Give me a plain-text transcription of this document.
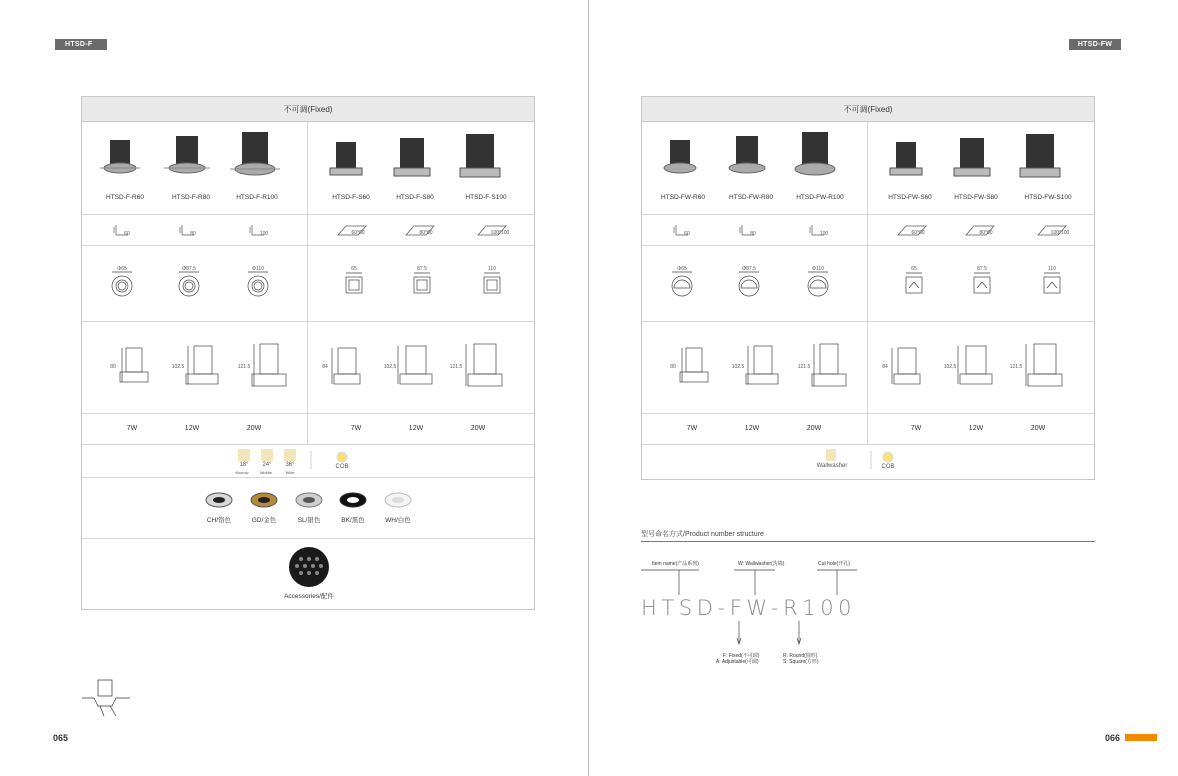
HTSD-F
不可调(Fixed)
HTSD-F-R60	HTSD-F-R80	HTSD-F-R100	HTSD-F-S60	HTSD-F-S80	HTSD-F-S100
60	80	100	60*60	80*80	100*100
Φ65	Φ87.5	Φ110	65	87.5	110
80	102.5	121.5	84	102.5	121.5
7W	12W	20W	7W	12W	20W
18°	24°	36°
Narrow	Middle	Wide
COB
CH/铬色	GD/金色	SL/银色	BK/黑色	WH/白色
Accessories/配件
065
HTSD-FW
不可调(Fixed)
HTSD-FW-R60	HTSD-FW-R80	HTSD-FW-R100	HTSD-FW-S60	HTSD-FW-S80	HTSD-FW-S100
60	80	100	60*60	80*80	100*100
Φ65	Φ87.5	Φ110	65	87.5	110
80	102.5	121.5	84	102.5	121.5
7W	12W	20W	7W	12W	20W
Wallwasher	COB
066
型号命名方式/Product number structure
Item name(产品系列)	W: Wallwasher(洗墙)	Cut hole(开孔)
HTSD-FW-R100
F: Fixed(不可调)
A: Adjustable(可调)
R: Round(圆形)
S: Square(方形)
